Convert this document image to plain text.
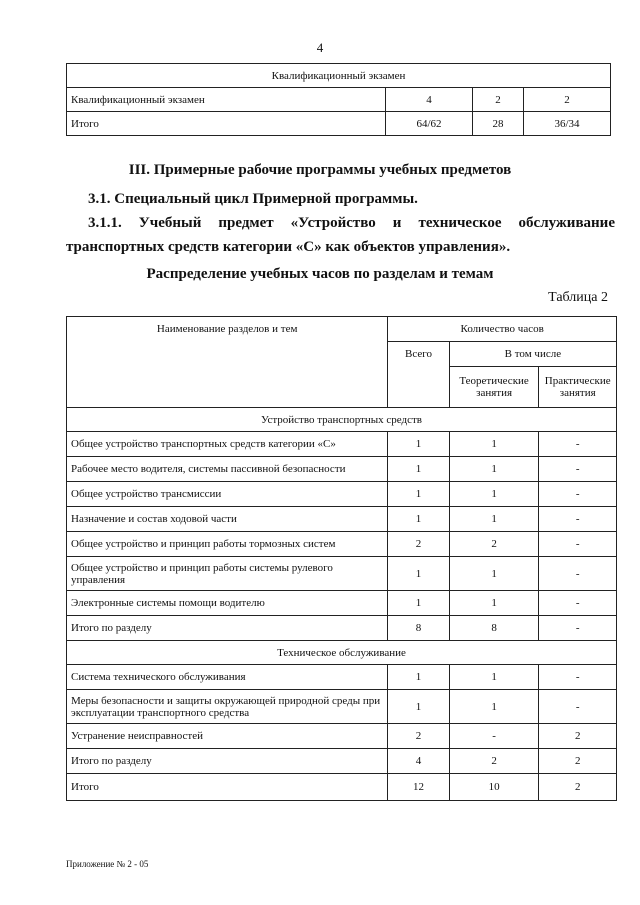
4
Квалификационный экзамен			
Квалификационный экзамен	4	2	2
Итого	64/62	28	36/34
III. Примерные рабочие программы учебных предметов
3.1. Специальный цикл Примерной программы.
3.1.1. Учебный предмет «Устройство и техническое обслуживание
транспортных средств категории «C» как объектов управления».
Распределение учебных часов по разделам и темам
Таблица 2
Наименование разделов и тем	Количество часов		
	Всего	В том числе	
		Теоретические занятия	Практические занятия
Устройство транспортных средств			
Общее устройство транспортных средств категории «C»	1	1	-
Рабочее место водителя, системы пассивной безопасности	1	1	-
Общее устройство трансмиссии	1	1	-
Назначение и состав ходовой части	1	1	-
Общее устройство и принцип работы тормозных систем	2	2	-
Общее устройство и принцип работы системы рулевого управления	1	1	-
Электронные системы помощи водителю	1	1	-
Итого по разделу	8	8	-
Техническое обслуживание			
Система технического обслуживания	1	1	-
Меры безопасности и защиты окружающей природной среды при эксплуатации транспортного средства	1	1	-
Устранение неисправностей	2	-	2
Итого по разделу	4	2	2
Итого	12	10	2
Приложение № 2 - 05
